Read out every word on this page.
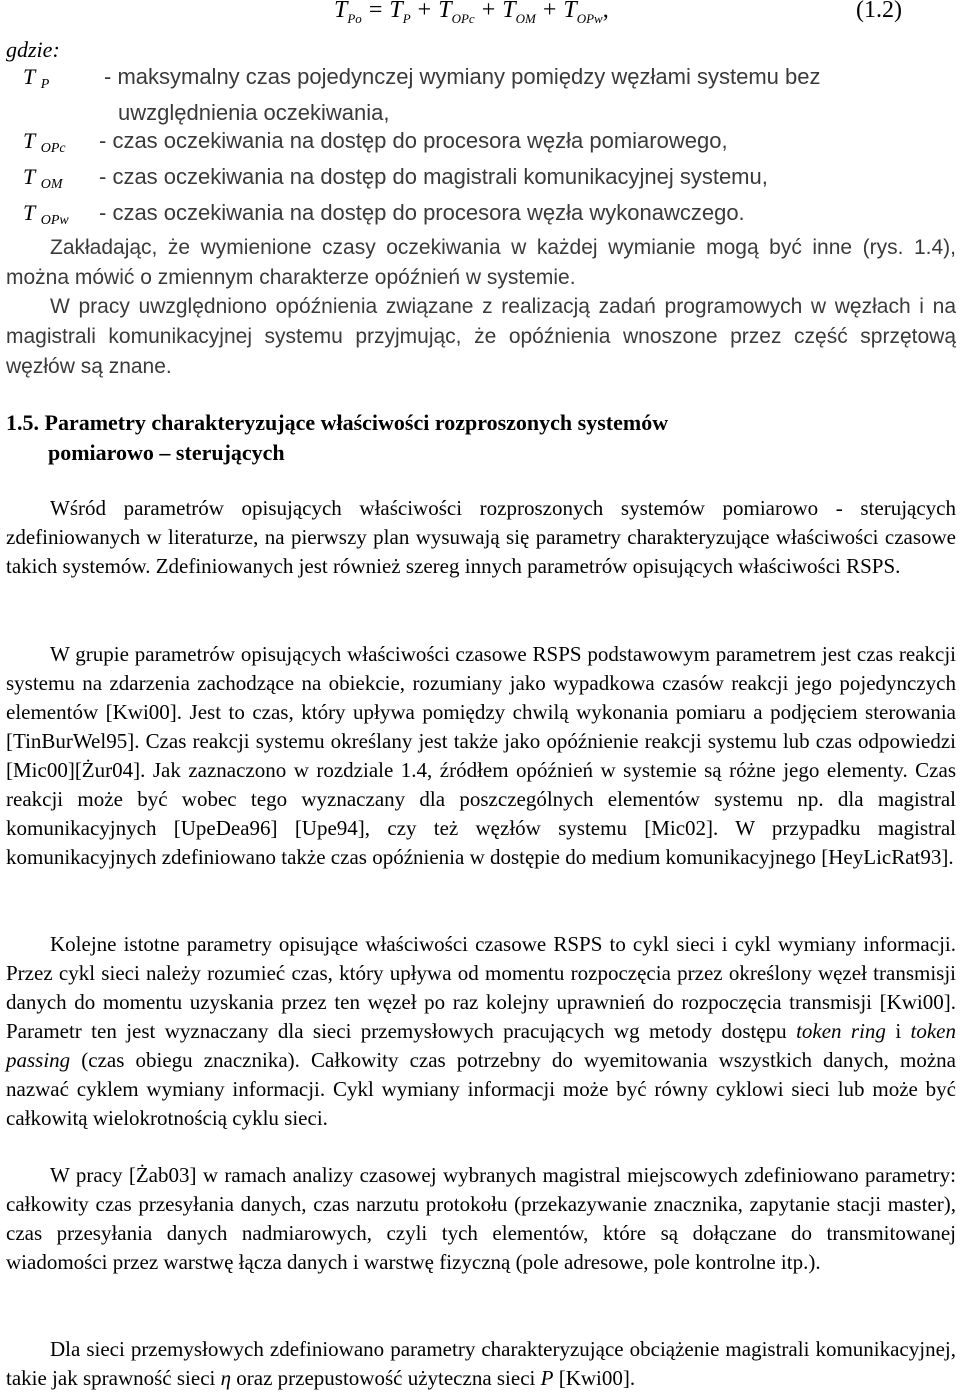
$T_{Po} = T_P + T_{OPc} + T_{OM} + T_{OPw}$,	(1.2)
gdzie:
T $_P$	- maksymalny czas pojedynczej wymiany pomiędzy węzłami systemu bez
uwzględnienia oczekiwania,
T $_{OPc}$	- czas oczekiwania na dostęp do procesora węzła pomiarowego,
T $_{OM}$	- czas oczekiwania na dostęp do magistrali komunikacyjnej systemu,
T $_{OPw}$	- czas oczekiwania na dostęp do procesora węzła wykonawczego.
Zakładając, że wymienione czasy oczekiwania w każdej wymianie mogą być inne (rys. 1.4), można mówić o zmiennym charakterze opóźnień w systemie.
W pracy uwzględniono opóźnienia związane z realizacją zadań programowych w węzłach i na magistrali komunikacyjnej systemu przyjmując, że opóźnienia wnoszone przez część sprzętową węzłów są znane.
1.5. Parametry charakteryzujące właściwości rozproszonych systemów
pomiarowo – sterujących
Wśród parametrów opisujących właściwości rozproszonych systemów pomiarowo - sterujących zdefiniowanych w literaturze, na pierwszy plan wysuwają się parametry charakteryzujące właściwości czasowe takich systemów. Zdefiniowanych jest również szereg innych parametrów opisujących właściwości RSPS.
W grupie parametrów opisujących właściwości czasowe RSPS podstawowym parametrem jest czas reakcji systemu na zdarzenia zachodzące na obiekcie, rozumiany jako wypadkowa czasów reakcji jego pojedynczych elementów [Kwi00]. Jest to czas, który upływa pomiędzy chwilą wykonania pomiaru a podjęciem sterowania [TinBurWel95]. Czas reakcji systemu określany jest także jako opóźnienie reakcji systemu lub czas odpowiedzi [Mic00][Żur04]. Jak zaznaczono w rozdziale 1.4, źródłem opóźnień w systemie są różne jego elementy. Czas reakcji może być wobec tego wyznaczany dla poszczególnych elementów systemu np. dla magistral komunikacyjnych [UpeDea96] [Upe94], czy też węzłów systemu [Mic02]. W przypadku magistral komunikacyjnych zdefiniowano także czas opóźnienia w dostępie do medium komunikacyjnego [HeyLicRat93].
Kolejne istotne parametry opisujące właściwości czasowe RSPS to cykl sieci i cykl wymiany informacji. Przez cykl sieci należy rozumieć czas, który upływa od momentu rozpoczęcia przez określony węzeł transmisji danych do momentu uzyskania przez ten węzeł po raz kolejny uprawnień do rozpoczęcia transmisji [Kwi00]. Parametr ten jest wyznaczany dla sieci przemysłowych pracujących wg metody dostępu token ring i token passing (czas obiegu znacznika). Całkowity czas potrzebny do wyemitowania wszystkich danych, można nazwać cyklem wymiany informacji. Cykl wymiany informacji może być równy cyklowi sieci lub może być całkowitą wielokrotnością cyklu sieci.
W pracy [Żab03] w ramach analizy czasowej wybranych magistral miejscowych zdefiniowano parametry: całkowity czas przesyłania danych, czas narzutu protokołu (przekazywanie znacznika, zapytanie stacji master), czas przesyłania danych nadmiarowych, czyli tych elementów, które są dołączane do transmitowanej wiadomości przez warstwę łącza danych i warstwę fizyczną (pole adresowe, pole kontrolne itp.).
Dla sieci przemysłowych zdefiniowano parametry charakteryzujące obciążenie magistrali komunikacyjnej, takie jak sprawność sieci η oraz przepustowość użyteczna sieci P [Kwi00].
